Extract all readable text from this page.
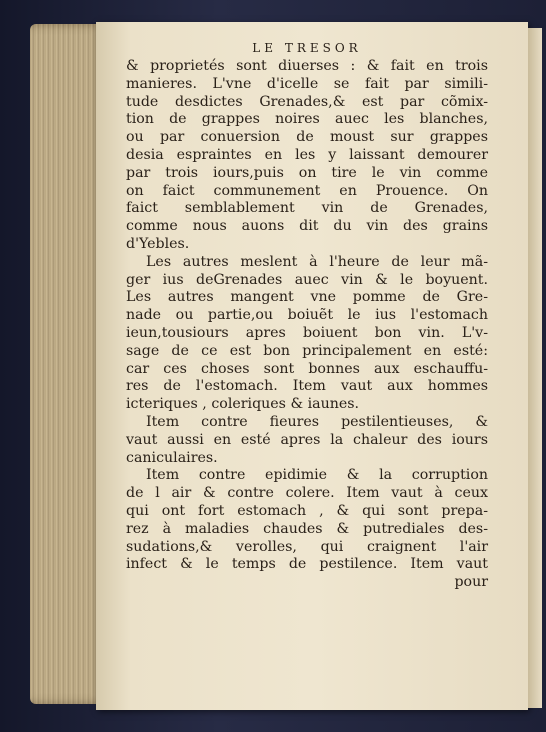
LE TRESOR
& proprietés sont diuerses : & fait en trois
manieres. L'vne d'icelle se fait par simili-
tude desdictes Grenades,& est par cõmix-
tion de grappes noires auec les blanches,
ou par conuersion de moust sur grappes
desia espraintes en les y laissant demourer
par trois iours,puis on tire le vin comme
on faict communement en Prouence. On
faict semblablement vin de Grenades,
comme nous auons dit du vin des grains
d'Yebles.
Les autres meslent à l'heure de leur mã-
ger ius deGrenades auec vin & le boyuent.
Les autres mangent vne pomme de Gre-
nade ou partie,ou boiuẽt le ius l'estomach
ieun,tousiours apres boiuent bon vin. L'v-
sage de ce est bon principalement en esté:
car ces choses sont bonnes aux eschauffu-
res de l'estomach. Item vaut aux hommes
icteriques , coleriques & iaunes.
Item contre fieures pestilentieuses, &
vaut aussi en esté apres la chaleur des iours
caniculaires.
Item contre epidimie & la corruption
de l air & contre colere. Item vaut à ceux
qui ont fort estomach , & qui sont prepa-
rez à maladies chaudes & putrediales des-
sudations,& verolles, qui craignent l'air
infect & le temps de pestilence. Item vaut
pour
